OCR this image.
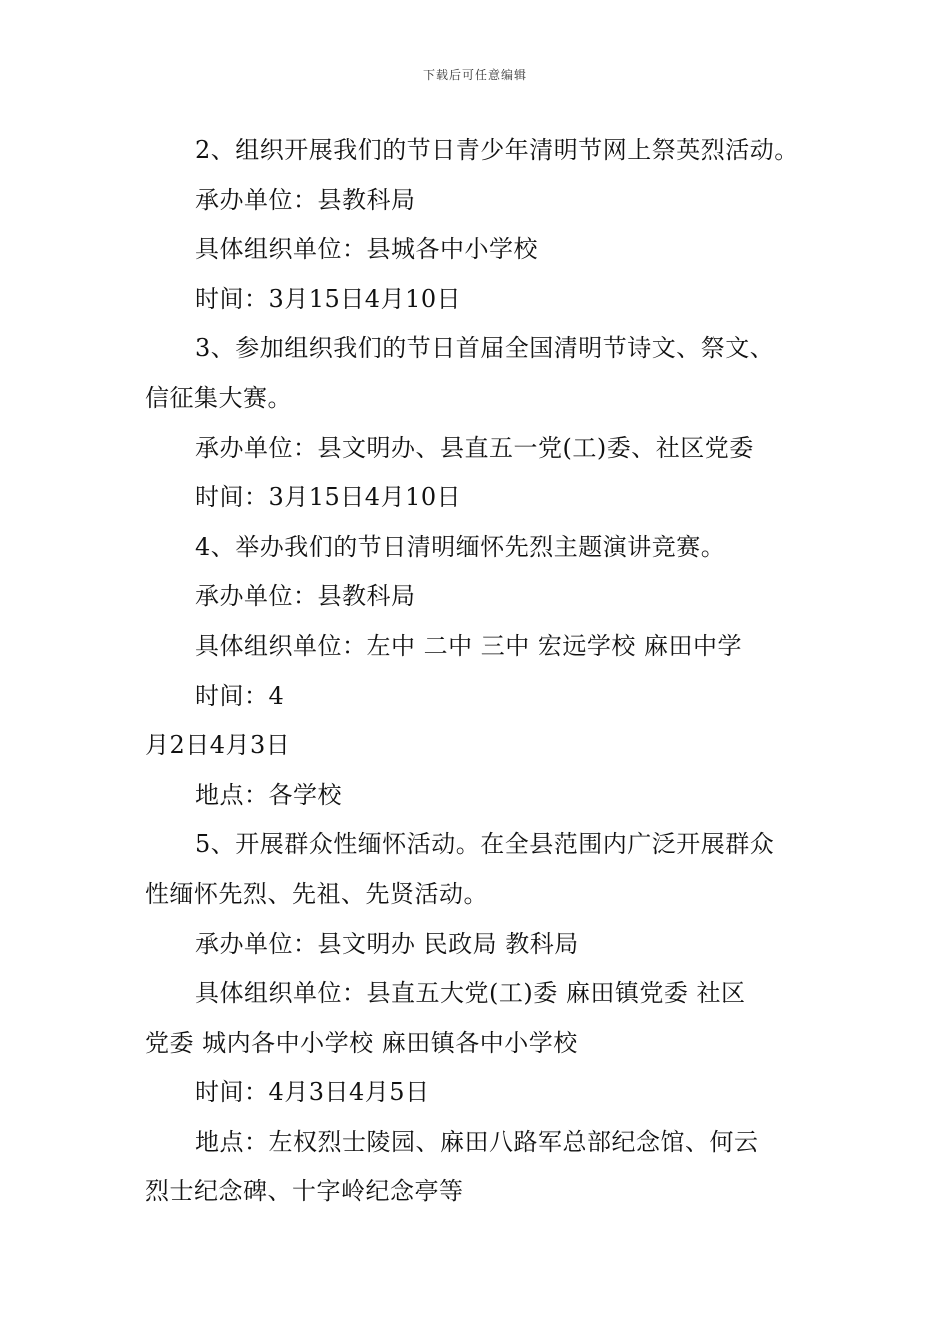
下载后可任意编辑

2、组织开展我们的节日青少年清明节网上祭英烈活动。

承办单位：县教科局

具体组织单位：县城各中小学校

时间：3月15日4月10日

3、参加组织我们的节日首届全国清明节诗文、祭文、

信征集大赛。

承办单位：县文明办、县直五一党(工)委、社区党委

时间：3月15日4月10日

4、举办我们的节日清明缅怀先烈主题演讲竞赛。

承办单位：县教科局

具体组织单位：左中 二中 三中 宏远学校 麻田中学

时间：4

月2日4月3日

地点：各学校

5、开展群众性缅怀活动。在全县范围内广泛开展群众

性缅怀先烈、先祖、先贤活动。

承办单位：县文明办 民政局 教科局

具体组织单位：县直五大党(工)委 麻田镇党委 社区

党委 城内各中小学校 麻田镇各中小学校

时间：4月3日4月5日

地点：左权烈士陵园、麻田八路军总部纪念馆、何云

烈士纪念碑、十字岭纪念亭等
